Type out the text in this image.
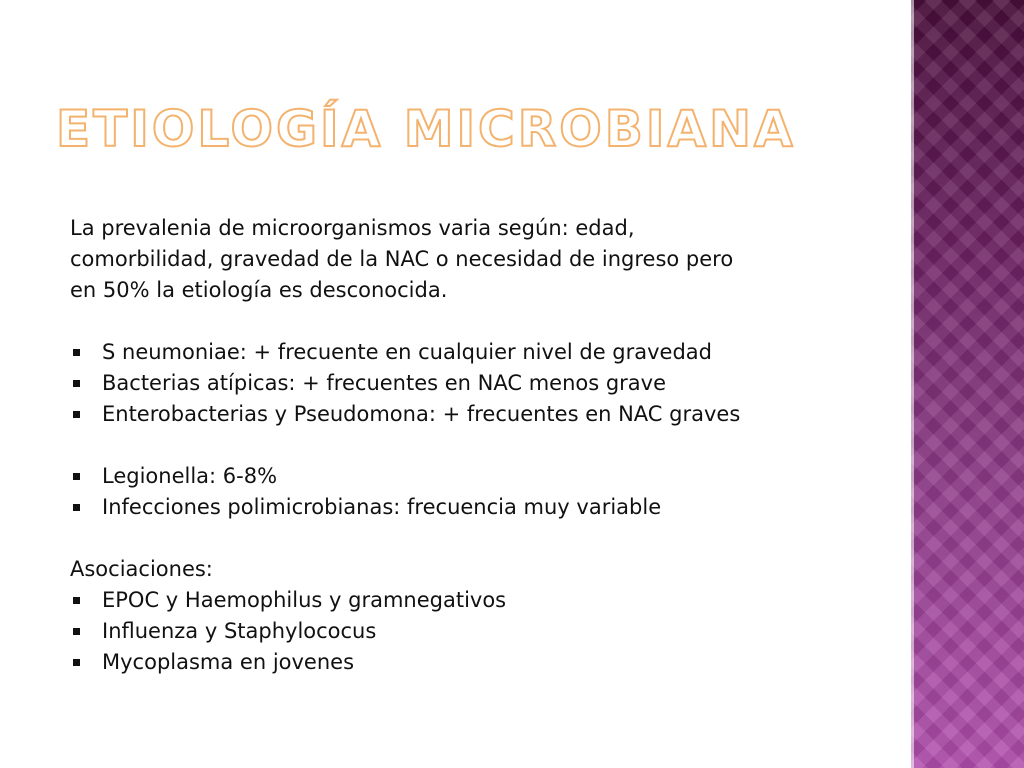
ETIOLOGÍA MICROBIANA

La prevalenia de microorganismos varia según: edad,

comorbilidad, gravedad de la NAC o necesidad de ingreso pero

en 50% la etiología es desconocida.

S neumoniae: + frecuente en cualquier nivel de gravedad
Bacterias atípicas: + frecuentes en NAC menos grave
Enterobacterias y Pseudomona: + frecuentes en NAC graves
Legionella: 6-8%
Infecciones polimicrobianas: frecuencia muy variable

Asociaciones:

EPOC y Haemophilus y gramnegativos
Influenza y Staphylococus
Mycoplasma en jovenes
